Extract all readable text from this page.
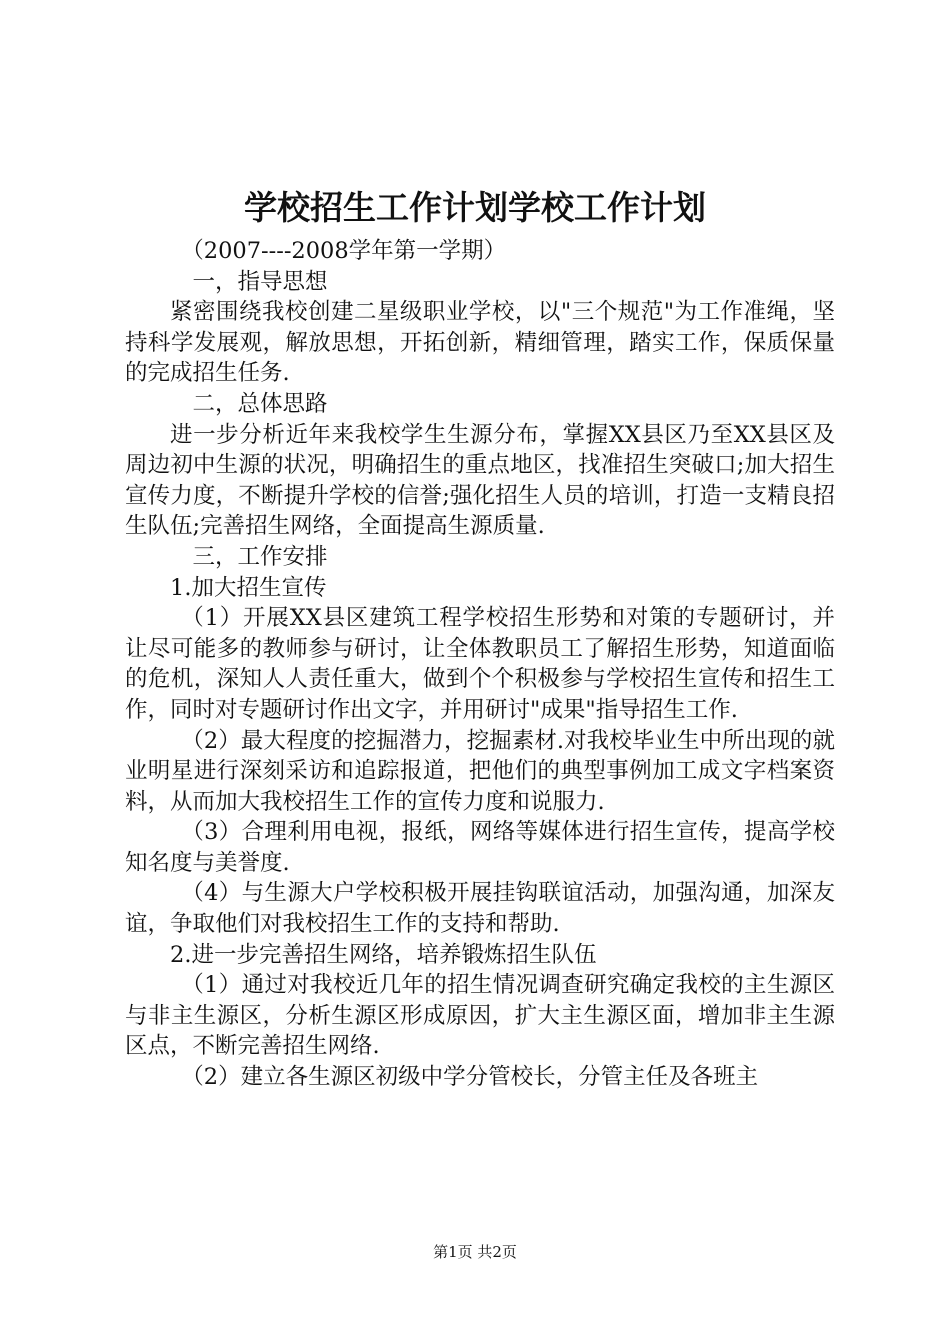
学校招生工作计划学校工作计划

（2007----2008学年第一学期）

一，指导思想

紧密围绕我校创建二星级职业学校，以"三个规范"为工作准绳，坚持科学发展观，解放思想，开拓创新，精细管理，踏实工作，保质保量的完成招生任务.

二，总体思路

进一步分析近年来我校学生生源分布，掌握XX县区乃至XX县区及周边初中生源的状况，明确招生的重点地区，找准招生突破口;加大招生宣传力度，不断提升学校的信誉;强化招生人员的培训，打造一支精良招生队伍;完善招生网络，全面提高生源质量.

三，工作安排

1.加大招生宣传

（1）开展XX县区建筑工程学校招生形势和对策的专题研讨，并让尽可能多的教师参与研讨，让全体教职员工了解招生形势，知道面临的危机，深知人人责任重大，做到个个积极参与学校招生宣传和招生工作，同时对专题研讨作出文字，并用研讨"成果"指导招生工作.

（2）最大程度的挖掘潜力，挖掘素材.对我校毕业生中所出现的就业明星进行深刻采访和追踪报道，把他们的典型事例加工成文字档案资料，从而加大我校招生工作的宣传力度和说服力.

（3）合理利用电视，报纸，网络等媒体进行招生宣传，提高学校知名度与美誉度.

（4）与生源大户学校积极开展挂钩联谊活动，加强沟通，加深友谊，争取他们对我校招生工作的支持和帮助.

2.进一步完善招生网络，培养锻炼招生队伍

（1）通过对我校近几年的招生情况调查研究确定我校的主生源区与非主生源区，分析生源区形成原因，扩大主生源区面，增加非主生源区点，不断完善招生网络.

（2）建立各生源区初级中学分管校长，分管主任及各班主

第1页 共2页
